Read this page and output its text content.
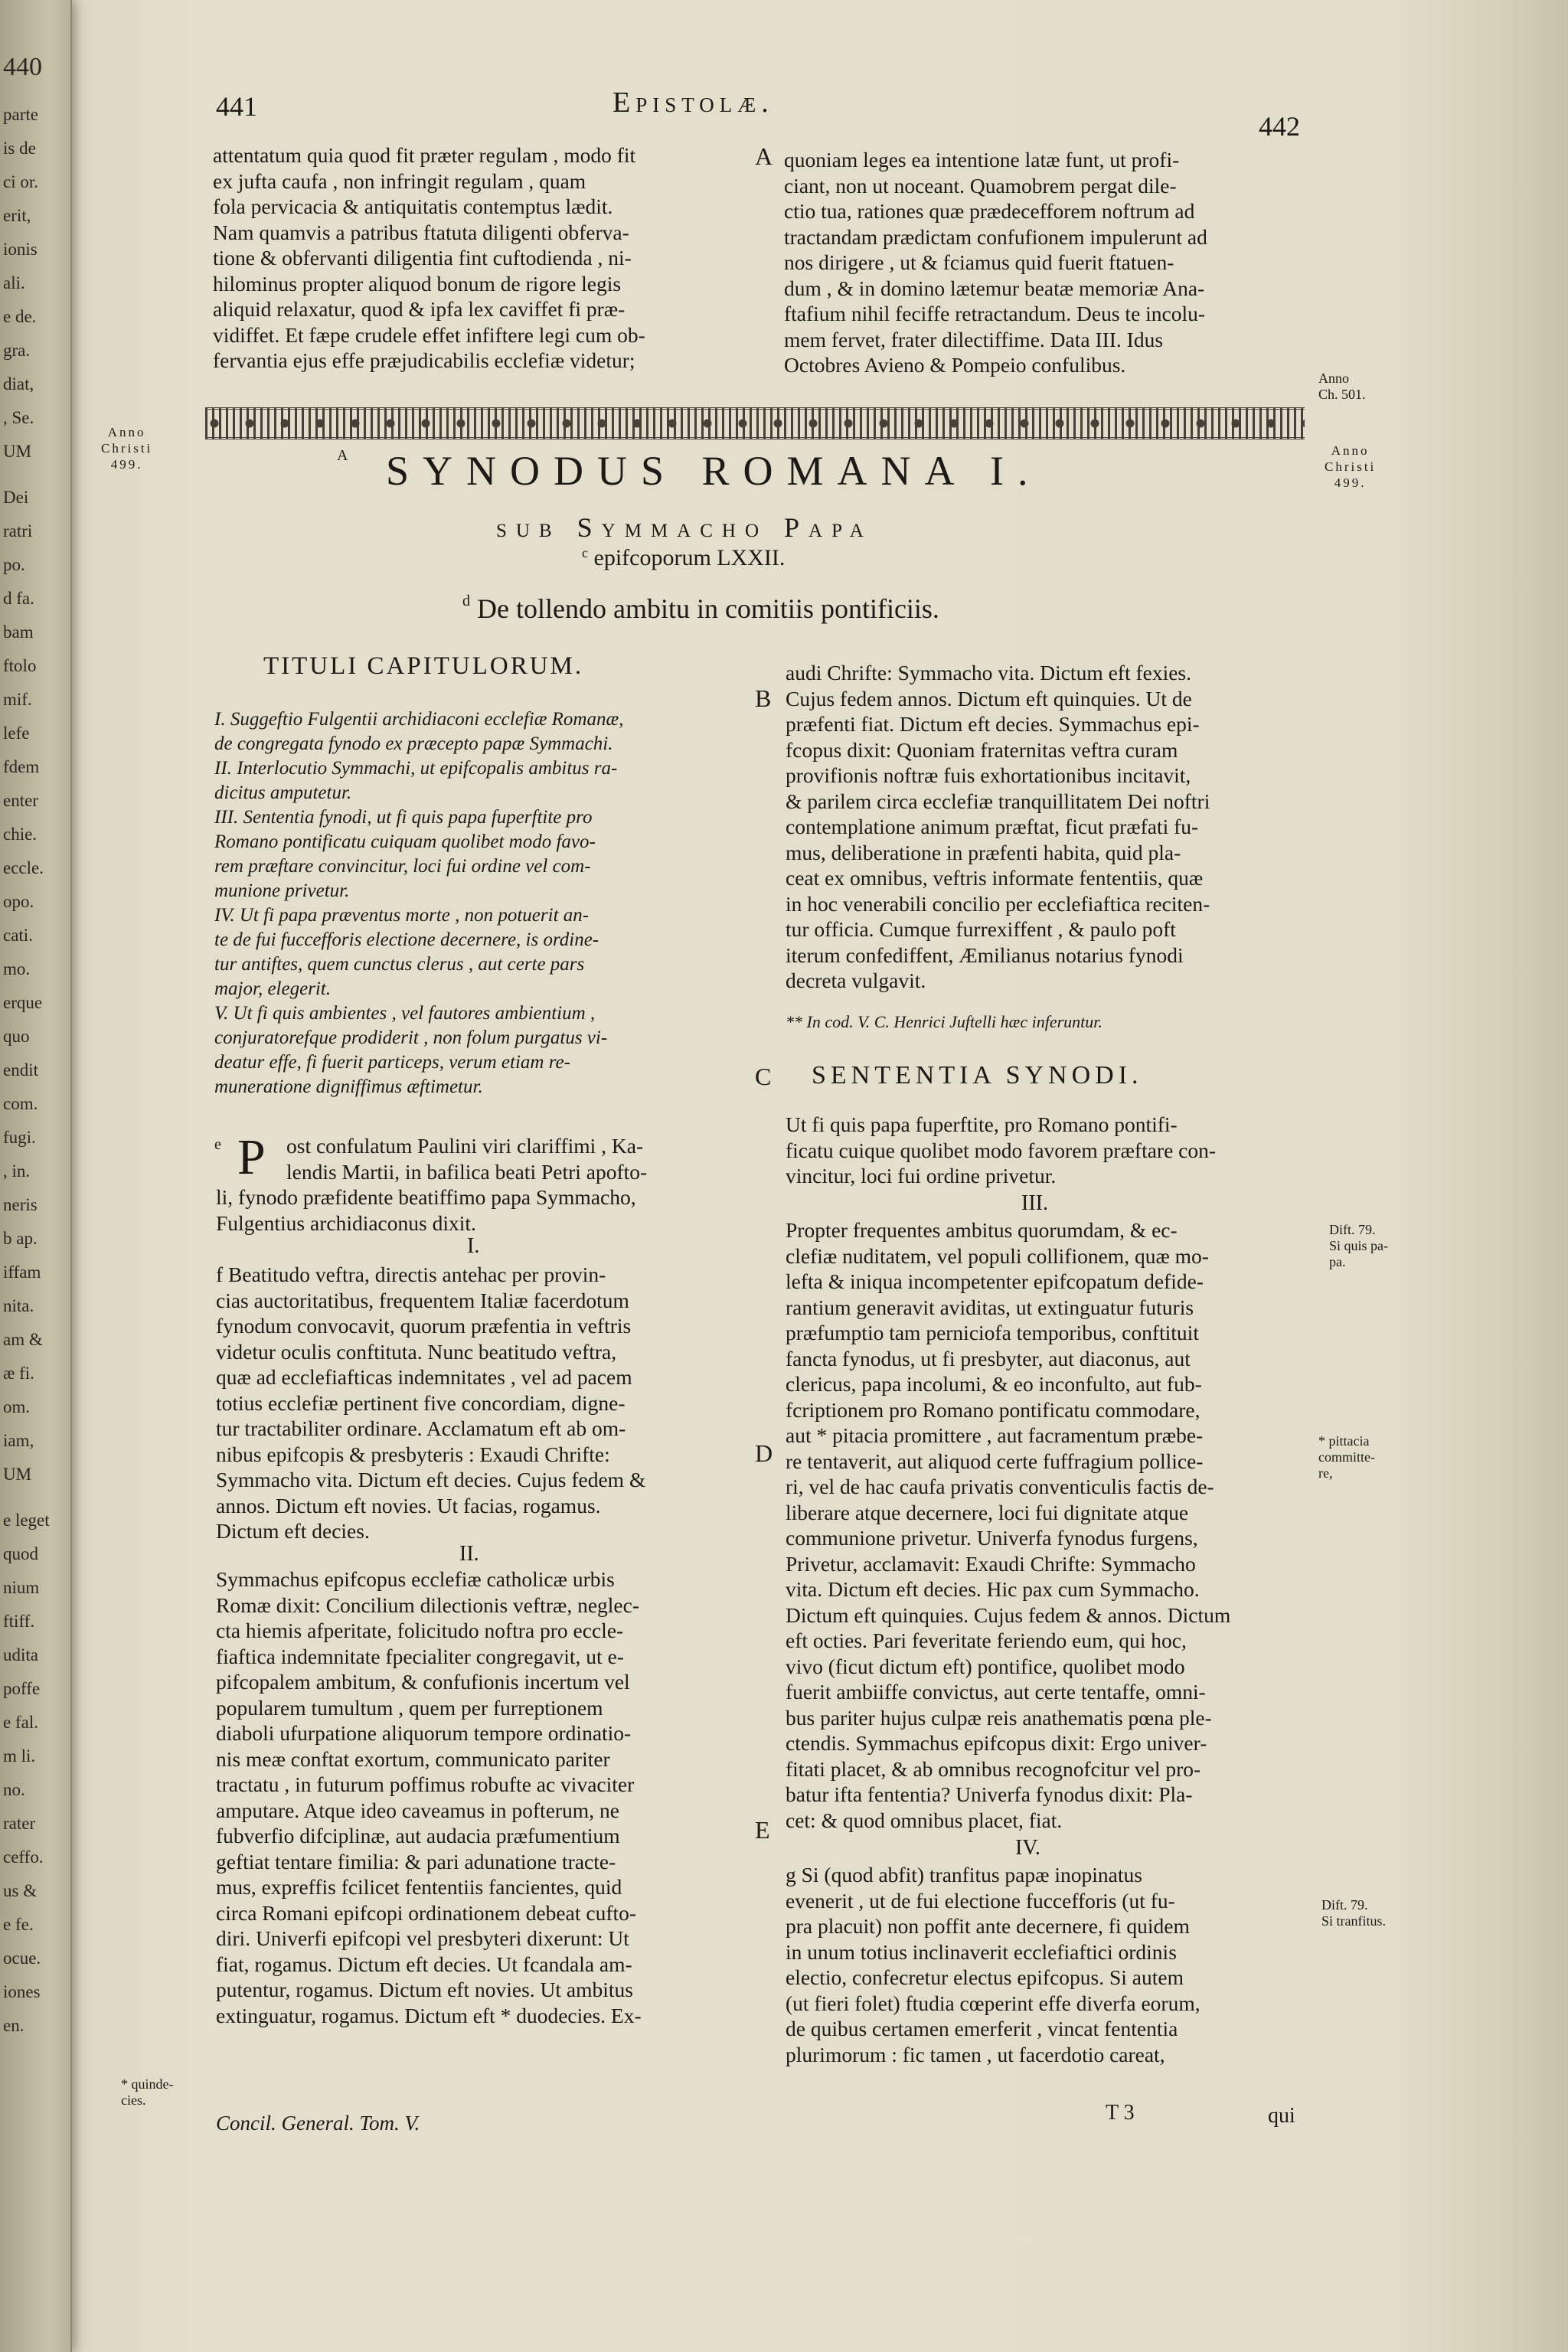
440
parte
is de
ci or.
erit,
ionis
ali.
e de.
gra.
diat,
, Se.
UM
Dei
ratri
po.
d fa.
bam
ftolo
mif.
lefe
fdem
enter
chie.
eccle.
opo.
cati.
mo.
erque
quo
endit
com.
fugi.
, in.
neris
b ap.
iffam
nita.
am &
æ fi.
om.
iam,
UM
e leget
quod
nium
ftiff.
udita
poffe
e fal.
m li.
no.
rater
ceffo.
us &
e fe.
ocue.
iones
en.
441	Epistolæ.
442

attentatum quia quod fit præter regulam , modo fit

ex jufta caufa , non infringit regulam , quam

fola pervicacia & antiquitatis contemptus lædit.

Nam quamvis a patribus ftatuta diligenti obferva-

tione & obfervanti diligentia fint cuftodienda , ni-

hilominus propter aliquod bonum de rigore legis

aliquid relaxatur, quod & ipfa lex caviffet fi præ-

vidiffet. Et fæpe crudele effet infiftere legi cum ob-

fervantia ejus effe præjudicabilis ecclefiæ videtur;

quoniam leges ea intentione latæ funt, ut profi-

ciant, non ut noceant. Quamobrem pergat dile-

ctio tua, rationes quæ prædecefforem noftrum ad

tractandam prædictam confufionem impulerunt ad

nos dirigere , ut & fciamus quid fuerit ftatuen-

dum , & in domino lætemur beatæ memoriæ Ana-

ftafium nihil feciffe retractandum. Deus te incolu-

mem fervet, frater dilectiffime. Data III. Idus

Octobres Avieno & Pompeio confulibus.

A
Anno
Christi
499.
Anno
Christi
499.
Anno
Ch. 501.
$^A$ SYNODUS ROMANA I.
sub Symmacho Papa
$^c$ epifcoporum LXXII.
$^d$ De tollendo ambitu in comitiis pontificiis.
TITULI CAPITULORUM.

I. Suggeftio Fulgentii archidiaconi ecclefiæ Romanæ,

de congregata fynodo ex præcepto papæ Symmachi.

II. Interlocutio Symmachi, ut epifcopalis ambitus ra-

dicitus amputetur.

III. Sententia fynodi, ut fi quis papa fuperftite pro

Romano pontificatu cuiquam quolibet modo favo-

rem præftare convincitur, loci fui ordine vel com-

munione privetur.

IV. Ut fi papa præventus morte , non potuerit an-

te de fui fuccefforis electione decernere, is ordine-

tur antiftes, quem cunctus clerus , aut certe pars

major, elegerit.

V. Ut fi quis ambientes , vel fautores ambientium ,

conjuratorefque prodiderit , non folum purgatus vi-

deatur effe, fi fuerit particeps, verum etiam re-

muneratione digniffimus æftimetur.

e P ost confulatum Paulini viri clariffimi , Ka-

lendis Martii, in bafilica beati Petri apofto-

li, fynodo præfidente beatiffimo papa Symmacho,

Fulgentius archidiaconus dixit.

I.

f Beatitudo veftra, directis antehac per provin-

cias auctoritatibus, frequentem Italiæ facerdotum

fynodum convocavit, quorum præfentia in veftris

videtur oculis conftituta. Nunc beatitudo veftra,

quæ ad ecclefiafticas indemnitates , vel ad pacem

totius ecclefiæ pertinent five concordiam, digne-

tur tractabiliter ordinare. Acclamatum eft ab om-

nibus epifcopis & presbyteris : Exaudi Chrifte:

Symmacho vita. Dictum eft decies. Cujus fedem &

annos. Dictum eft novies. Ut facias, rogamus.

Dictum eft decies.

II.

Symmachus epifcopus ecclefiæ catholicæ urbis

Romæ dixit: Concilium dilectionis veftræ, neglec-

cta hiemis afperitate, folicitudo noftra pro eccle-

fiaftica indemnitate fpecialiter congregavit, ut e-

pifcopalem ambitum, & confufionis incertum vel

popularem tumultum , quem per furreptionem

diaboli ufurpatione aliquorum tempore ordinatio-

nis meæ conftat exortum, communicato pariter

tractatu , in futurum poffimus robufte ac vivaciter

amputare. Atque ideo caveamus in pofterum, ne

fubverfio difciplinæ, aut audacia præfumentium

geftiat tentare fimilia: & pari adunatione tracte-

mus, expreffis fcilicet fententiis fancientes, quid

circa Romani epifcopi ordinationem debeat cufto-

diri. Univerfi epifcopi vel presbyteri dixerunt: Ut

fiat, rogamus. Dictum eft decies. Ut fcandala am-

putentur, rogamus. Dictum eft novies. Ut ambitus

extinguatur, rogamus. Dictum eft * duodecies. Ex-

Concil. General. Tom. V.
* quinde-
cies.
B
C
D
E

audi Chrifte: Symmacho vita. Dictum eft fexies.

Cujus fedem annos. Dictum eft quinquies. Ut de

præfenti fiat. Dictum eft decies. Symmachus epi-

fcopus dixit: Quoniam fraternitas veftra curam

provifionis noftræ fuis exhortationibus incitavit,

& parilem circa ecclefiæ tranquillitatem Dei noftri

contemplatione animum præftat, ficut præfati fu-

mus, deliberatione in præfenti habita, quid pla-

ceat ex omnibus, veftris informate fententiis, quæ

in hoc venerabili concilio per ecclefiaftica reciten-

tur officia. Cumque furrexiffent , & paulo poft

iterum confediffent, Æmilianus notarius fynodi

decreta vulgavit.

** In cod. V. C. Henrici Juftelli hæc inferuntur.
SENTENTIA SYNODI.

Ut fi quis papa fuperftite, pro Romano pontifi-

ficatu cuique quolibet modo favorem præftare con-

vincitur, loci fui ordine privetur.

III.

Propter frequentes ambitus quorumdam, & ec-

clefiæ nuditatem, vel populi collifionem, quæ mo-

lefta & iniqua incompetenter epifcopatum defide-

rantium generavit aviditas, ut extinguatur futuris

præfumptio tam perniciofa temporibus, conftituit

fancta fynodus, ut fi presbyter, aut diaconus, aut

clericus, papa incolumi, & eo inconfulto, aut fub-

fcriptionem pro Romano pontificatu commodare,

aut * pitacia promittere , aut facramentum præbe-

re tentaverit, aut aliquod certe fuffragium pollice-

ri, vel de hac caufa privatis conventiculis factis de-

liberare atque decernere, loci fui dignitate atque

communione privetur. Univerfa fynodus furgens,

Privetur, acclamavit: Exaudi Chrifte: Symmacho

vita. Dictum eft decies. Hic pax cum Symmacho.

Dictum eft quinquies. Cujus fedem & annos. Dictum

eft octies. Pari feveritate feriendo eum, qui hoc,

vivo (ficut dictum eft) pontifice, quolibet modo

fuerit ambiiffe convictus, aut certe tentaffe, omni-

bus pariter hujus culpæ reis anathematis pœna ple-

ctendis. Symmachus epifcopus dixit: Ergo univer-

fitati placet, & ab omnibus recognofcitur vel pro-

batur ifta fententia? Univerfa fynodus dixit: Pla-

cet: & quod omnibus placet, fiat.

IV.

g Si (quod abfit) tranfitus papæ inopinatus

evenerit , ut de fui electione fuccefforis (ut fu-

pra placuit) non poffit ante decernere, fi quidem

in unum totius inclinaverit ecclefiaftici ordinis

electio, confecretur electus epifcopus. Si autem

(ut fieri folet) ftudia cœperint effe diverfa eorum,

de quibus certamen emerferit , vincat fententia

plurimorum : fic tamen , ut facerdotio careat,

T 3	qui
Dift. 79.
Si quis pa-
pa.
* pittacia
committe-
re,
Dift. 79.
Si tranfitus.
